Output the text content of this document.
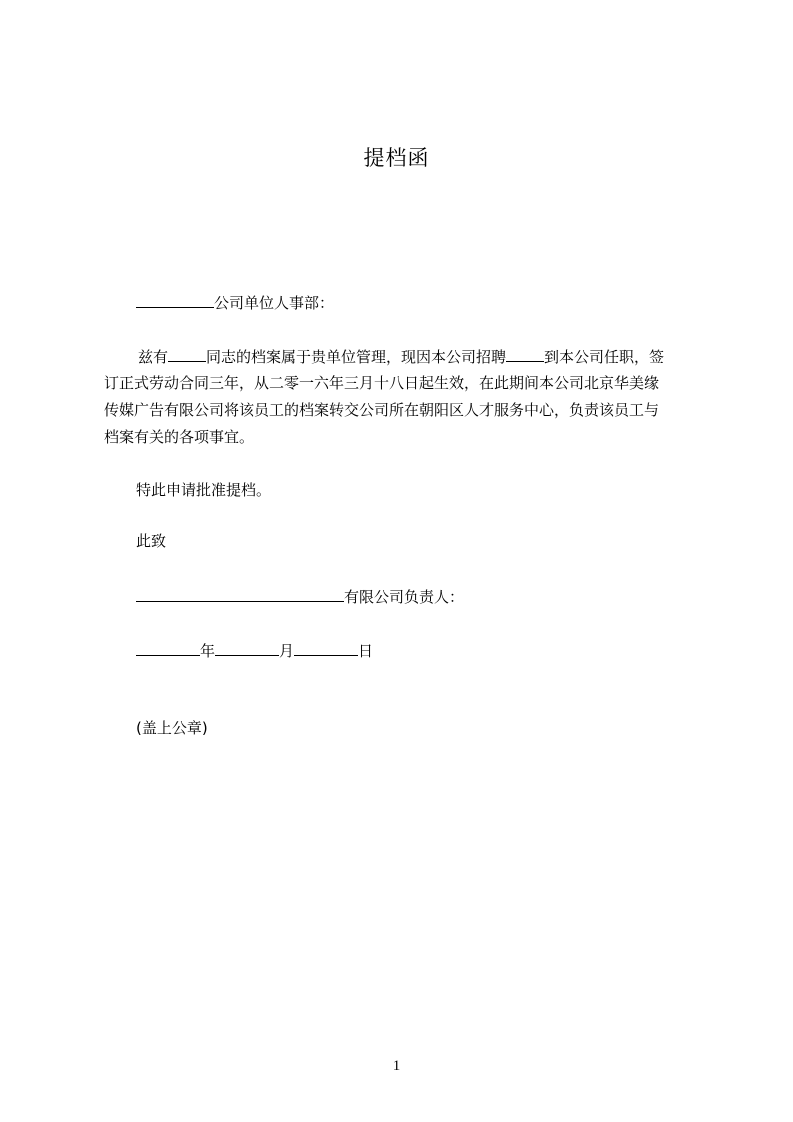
提档函
公司单位人事部：
兹有	同志的档案属于贵单位管理，现因本公司招聘	到本公司任职，签
订正式劳动合同三年，从二零一六年三月十八日起生效，在此期间本公司北京华美缘
传媒广告有限公司将该员工的档案转交公司所在朝阳区人才服务中心，负责该员工与
档案有关的各项事宜。
特此申请批准提档。
此致
有限公司负责人：
年	月	日
(盖上公章)
1
